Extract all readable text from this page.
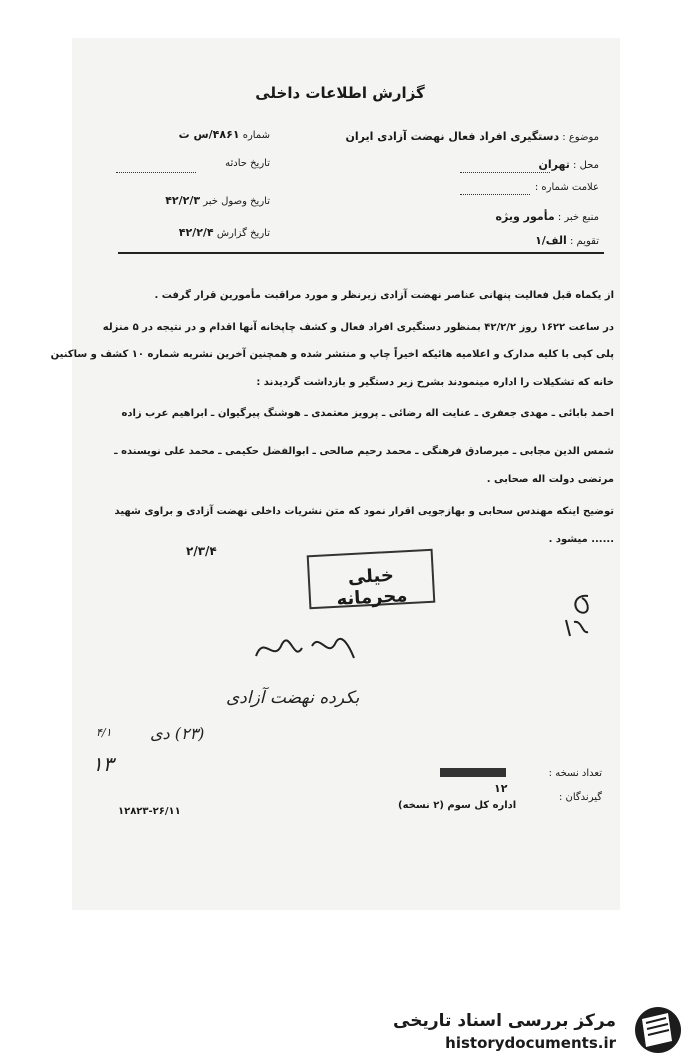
گزارش اطلاعات داخلی
موضوع : دستگیری افراد فعال نهضت آزادی ایران
محل : تهران
علامت شماره :
منبع خبر : مأمور ویژه
تقویم : الف/۱
شماره ۴۸۶۱/س ت
تاریخ حادثه
تاریخ وصول خبر ۴۲/۲/۳
تاریخ گزارش ۴۲/۲/۴
از یکماه قبل فعالیت پنهانی عناصر نهضت آزادی زیرنظر و مورد مراقبت مأمورین قرار گرفت .
در ساعت ۱۶۲۲ روز ۴۲/۲/۲ بمنظور دستگیری افراد فعال و کشف چاپخانه آنها اقدام و در نتیجه در ۵ منزله
پلی کپی با کلیه مدارک و اعلامیه هائیکه اخیراً چاپ و منتشر شده و همچنین آخرین نشریه شماره ۱۰ کشف و ساکنین
خانه که تشکیلات را اداره مینمودند بشرح زیر دستگیر و بازداشت گردیدند :
احمد بابائی ـ مهدی جعفری ـ عنایت اله رضائی ـ پرویز معتمدی ـ هوشنگ پیرگیوان ـ ابراهیم عرب زاده
شمس الدین مجابی ـ میرصادق فرهنگی ـ محمد رحیم صالحی ـ ابوالفضل حکیمی ـ محمد علی نویسنده ـ
مرتضی دولت اله صحابی .
توضیح اینکه مهندس سحابی و بهازجویی اقرار نمود که متن نشریات داخلی نهضت آزادی و براوی شهید
...... میشود .
۲/۳/۴
خیلی محرمانه
بکرده نهضت آزادی
(۲۳) دی
۱۳
۴/۱
تعداد نسخه :
۱۲
گیرندگان :
اداره کل سوم (۲ نسخه)
۱۲۸۲۳-۲۶/۱۱
مرکز بررسی اسناد تاریخی
historydocuments.ir
